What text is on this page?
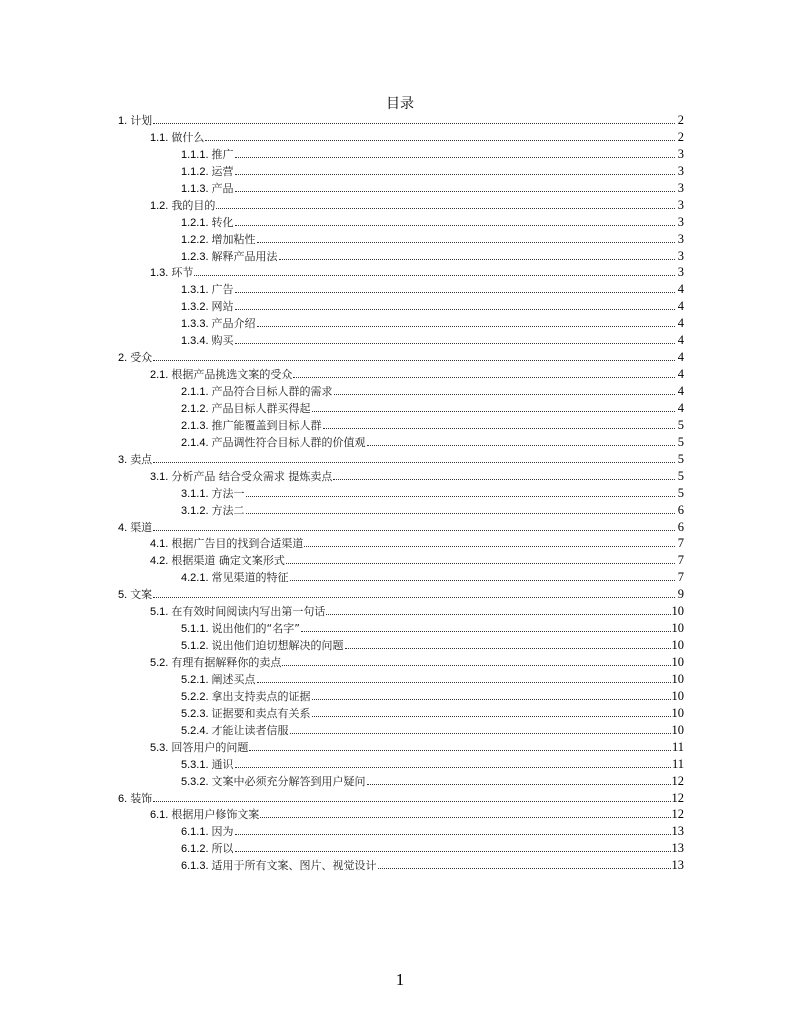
目录
1. 计划	2
1.1. 做什么	2
1.1.1. 推广	3
1.1.2. 运营	3
1.1.3. 产品	3
1.2. 我的目的	3
1.2.1. 转化	3
1.2.2. 增加粘性	3
1.2.3. 解释产品用法	3
1.3. 环节	3
1.3.1. 广告	4
1.3.2. 网站	4
1.3.3. 产品介绍	4
1.3.4. 购买	4
2. 受众	4
2.1. 根据产品挑选文案的受众	4
2.1.1. 产品符合目标人群的需求	4
2.1.2. 产品目标人群买得起	4
2.1.3. 推广能覆盖到目标人群	5
2.1.4. 产品调性符合目标人群的价值观	5
3. 卖点	5
3.1. 分析产品 结合受众需求 提炼卖点	5
3.1.1. 方法一	5
3.1.2. 方法二	6
4. 渠道	6
4.1. 根据广告目的找到合适渠道	7
4.2. 根据渠道 确定文案形式	7
4.2.1. 常见渠道的特征	7
5. 文案	9
5.1. 在有效时间阅读内写出第一句话	10
5.1.1. 说出他们的“名字”	10
5.1.2. 说出他们迫切想解决的问题	10
5.2. 有理有据解释你的卖点	10
5.2.1. 阐述买点	10
5.2.2. 拿出支持卖点的证据	10
5.2.3. 证据要和卖点有关系	10
5.2.4. 才能让读者信服	10
5.3. 回答用户的问题	11
5.3.1. 通识	11
5.3.2. 文案中必须充分解答到用户疑问	12
6. 装饰	12
6.1. 根据用户修饰文案	12
6.1.1. 因为	13
6.1.2. 所以	13
6.1.3. 适用于所有文案、图片、视觉设计	13
1
